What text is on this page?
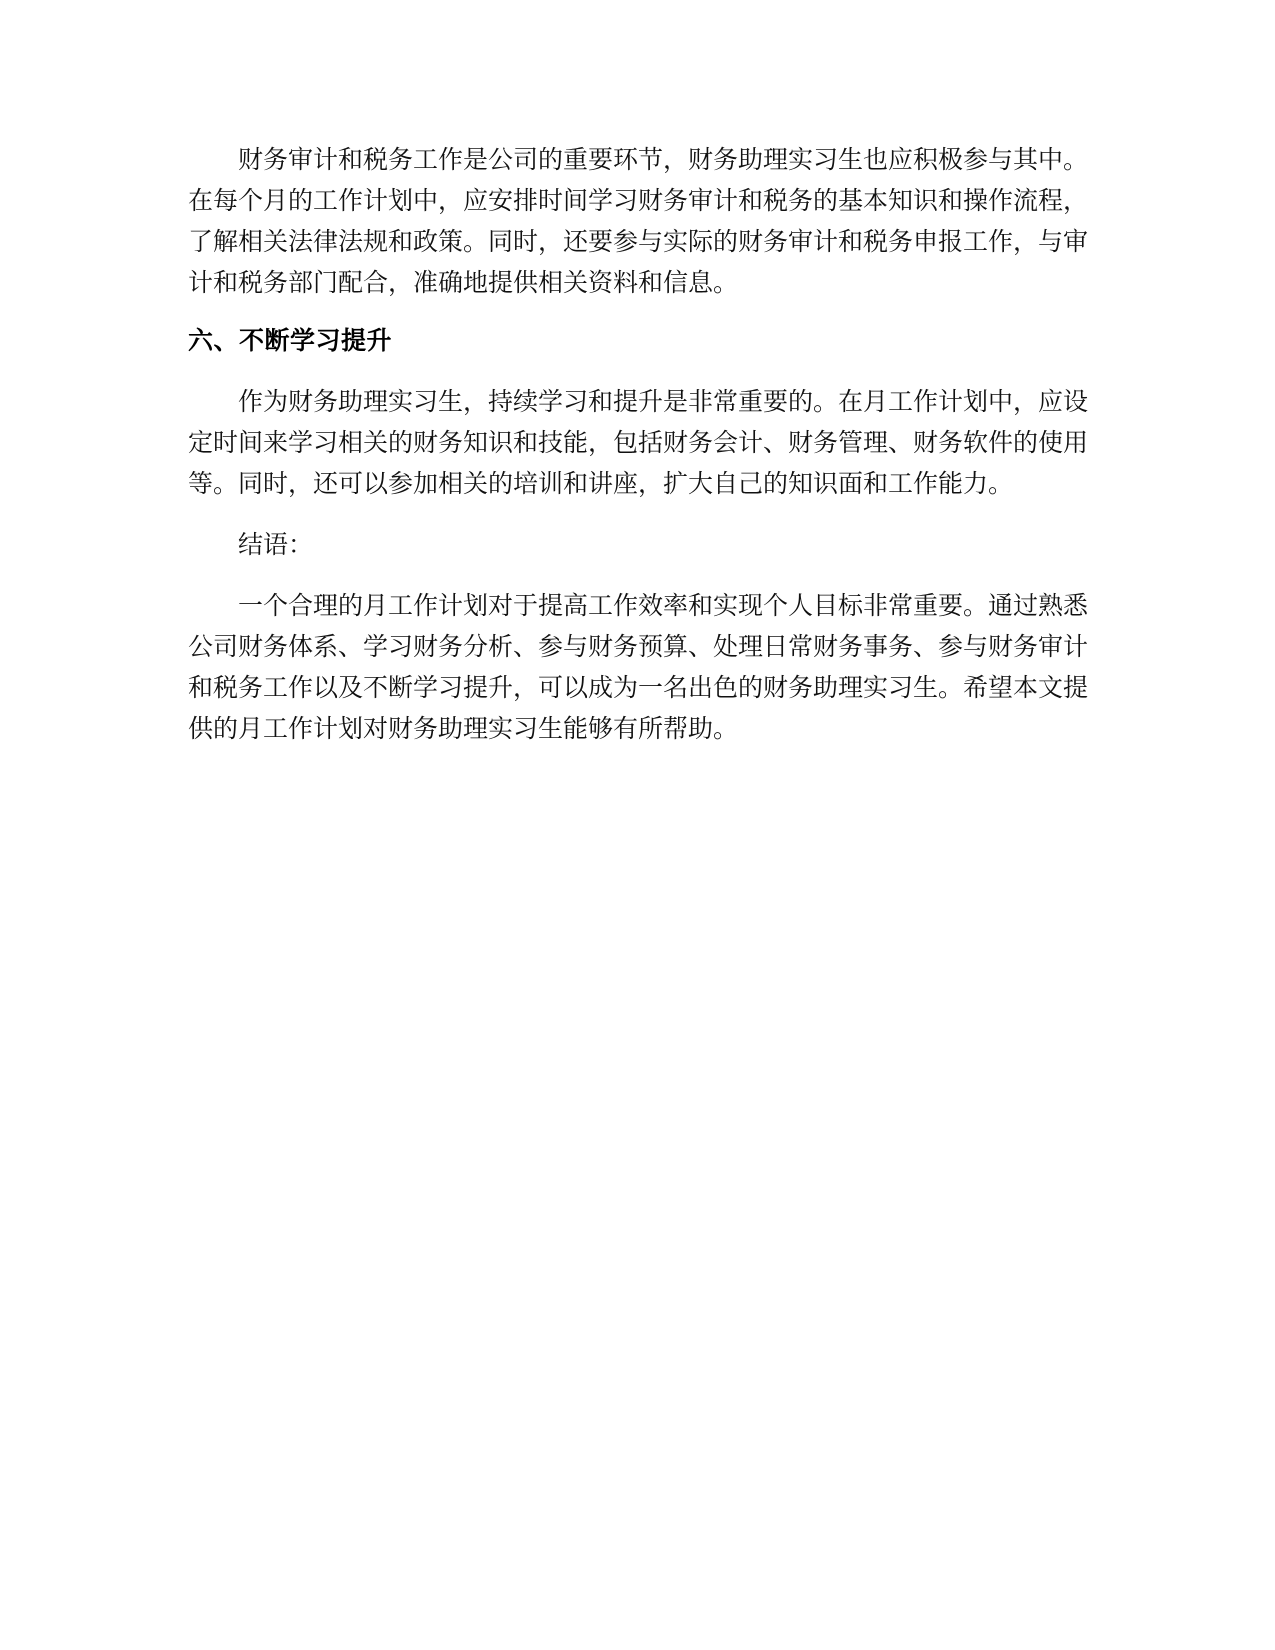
财务审计和税务工作是公司的重要环节，财务助理实习生也应积极参与其中。在每个月的工作计划中，应安排时间学习财务审计和税务的基本知识和操作流程，了解相关法律法规和政策。同时，还要参与实际的财务审计和税务申报工作，与审计和税务部门配合，准确地提供相关资料和信息。

六、不断学习提升

作为财务助理实习生，持续学习和提升是非常重要的。在月工作计划中，应设定时间来学习相关的财务知识和技能，包括财务会计、财务管理、财务软件的使用等。同时，还可以参加相关的培训和讲座，扩大自己的知识面和工作能力。

结语：

一个合理的月工作计划对于提高工作效率和实现个人目标非常重要。通过熟悉公司财务体系、学习财务分析、参与财务预算、处理日常财务事务、参与财务审计和税务工作以及不断学习提升，可以成为一名出色的财务助理实习生。希望本文提供的月工作计划对财务助理实习生能够有所帮助。
